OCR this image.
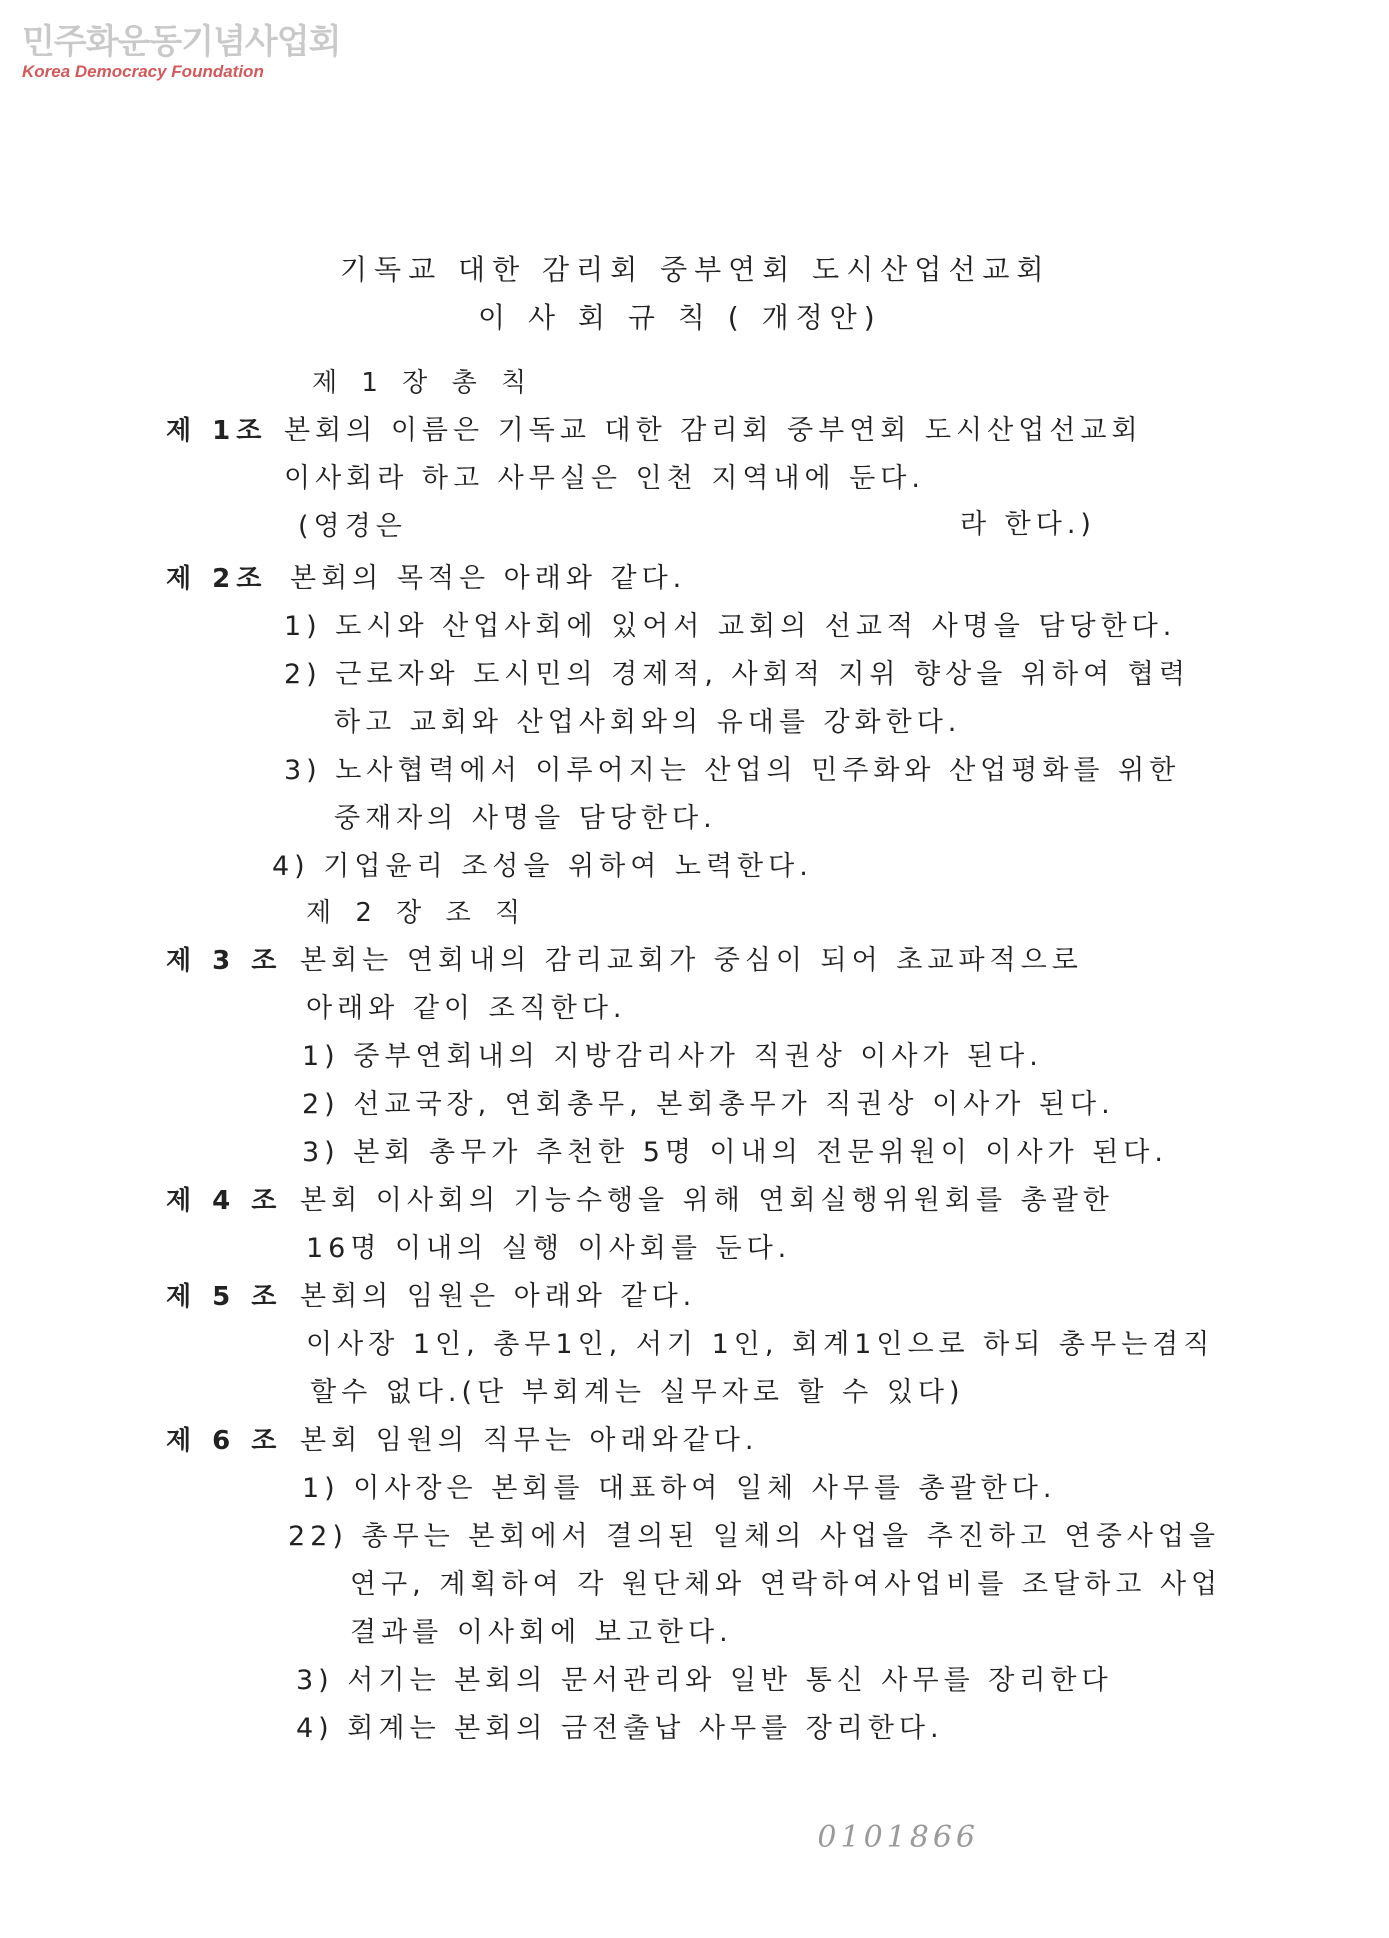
민주화운동기념사업회
Korea Democracy Foundation
기독교 대한 감리회 중부연회 도시산업선교회
이 사 회 규 칙 ( 개정안)
제 1 장 총 칙
제 1조 본회의 이름은 기독교 대한 감리회 중부연회 도시산업선교회
이사회라 하고 사무실은 인천 지역내에 둔다.
(영경은	라 한다.)
제 2조 본회의 목적은 아래와 같다.
1) 도시와 산업사회에 있어서 교회의 선교적 사명을 담당한다.
2) 근로자와 도시민의 경제적, 사회적 지위 향상을 위하여 협력
하고 교회와 산업사회와의 유대를 강화한다.
3) 노사협력에서 이루어지는 산업의 민주화와 산업평화를 위한
중재자의 사명을 담당한다.
4) 기업윤리 조성을 위하여 노력한다.
제 2 장 조 직
제 3 조 본회는 연회내의 감리교회가 중심이 되어 초교파적으로
아래와 같이 조직한다.
1) 중부연회내의 지방감리사가 직권상 이사가 된다.
2) 선교국장, 연회총무, 본회총무가 직권상 이사가 된다.
3) 본회 총무가 추천한 5명 이내의 전문위원이 이사가 된다.
제 4 조 본회 이사회의 기능수행을 위해 연회실행위원회를 총괄한
16명 이내의 실행 이사회를 둔다.
제 5 조 본회의 임원은 아래와 같다.
이사장 1인, 총무1인, 서기 1인, 회계1인으로 하되 총무는겸직
할수 없다.(단 부회계는 실무자로 할 수 있다)
제 6 조 본회 임원의 직무는 아래와같다.
1) 이사장은 본회를 대표하여 일체 사무를 총괄한다.
22) 총무는 본회에서 결의된 일체의 사업을 추진하고 연중사업을
연구, 계획하여 각 원단체와 연락하여사업비를 조달하고 사업
결과를 이사회에 보고한다.
3) 서기는 본회의 문서관리와 일반 통신 사무를 장리한다
4) 회계는 본회의 금전출납 사무를 장리한다.
0101866
